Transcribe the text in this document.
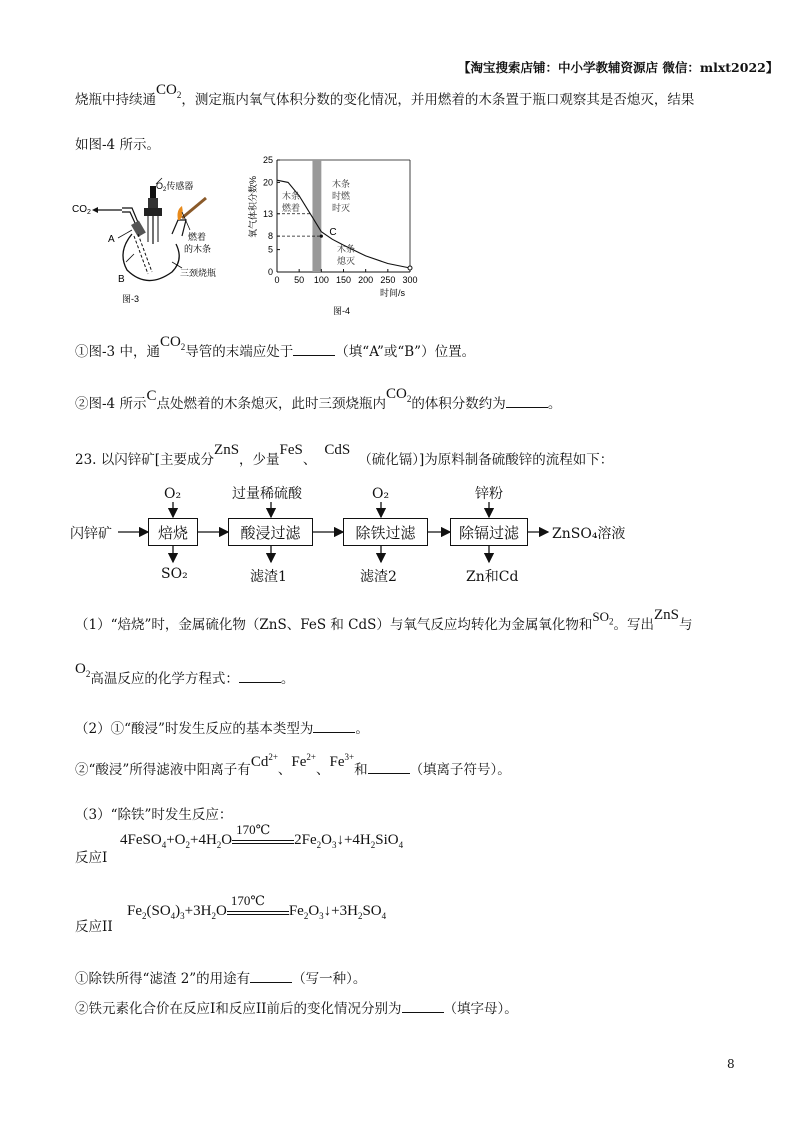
【淘宝搜索店铺：中小学教辅资源店 微信：mlxt2022】
烧瓶中持续通$CO_2$，测定瓶内氧气体积分数的变化情况，并用燃着的木条置于瓶口观察其是否熄灭，结果
如图-4 所示。
$CO_2$
$O_2$传感器
燃着
的木条
A
B
三颈烧瓶
图-3
0
5
8
13
20
25
0 50 100 150 200 250 300
氧气体积分数%
时间/s
木条
燃着
木条
时燃
时灭
木条
熄灭
C
图-4
①图-3 中，通$CO_2$导管的末端应处于	（填“A”或“B”）位置。
②图-4 所示C点处燃着的木条熄灭，此时三颈烧瓶内$CO_2$的体积分数约为	。
23. 以闪锌矿[主要成分ZnS，少量FeS、CdS（硫化镉）]为原料制备硫酸锌的流程如下：
闪锌矿	焙烧	酸浸过滤	除铁过滤	除镉过滤
O₂	过量稀硫酸	O₂	锌粉
SO₂	滤渣1	滤渣2	Zn和Cd
ZnSO₄溶液
（1）“焙烧”时，金属硫化物（ZnS、FeS 和 CdS）与氧气反应均转化为金属氧化物和$SO_2$。写出ZnS与
$O_2$高温反应的化学方程式：	。
（2）①“酸浸”时发生反应的基本类型为	。
②“酸浸”所得滤液中阳离子有$Cd^{2+}$、$Fe^{2+}$、$Fe^{3+}$和	（填离子符号）。
（3）“除铁”时发生反应：
反应I
$4FeSO_4+O_2+4H_2O$
170℃
$2Fe_2O_3↓+4H_2SiO_4$
反应II
$Fe_2(SO_4)_3+3H_2O$
170℃
$Fe_2O_3↓+3H_2SO_4$
①除铁所得“滤渣 2”的用途有	（写一种）。
②铁元素化合价在反应I和反应II前后的变化情况分别为	（填字母）。
8
